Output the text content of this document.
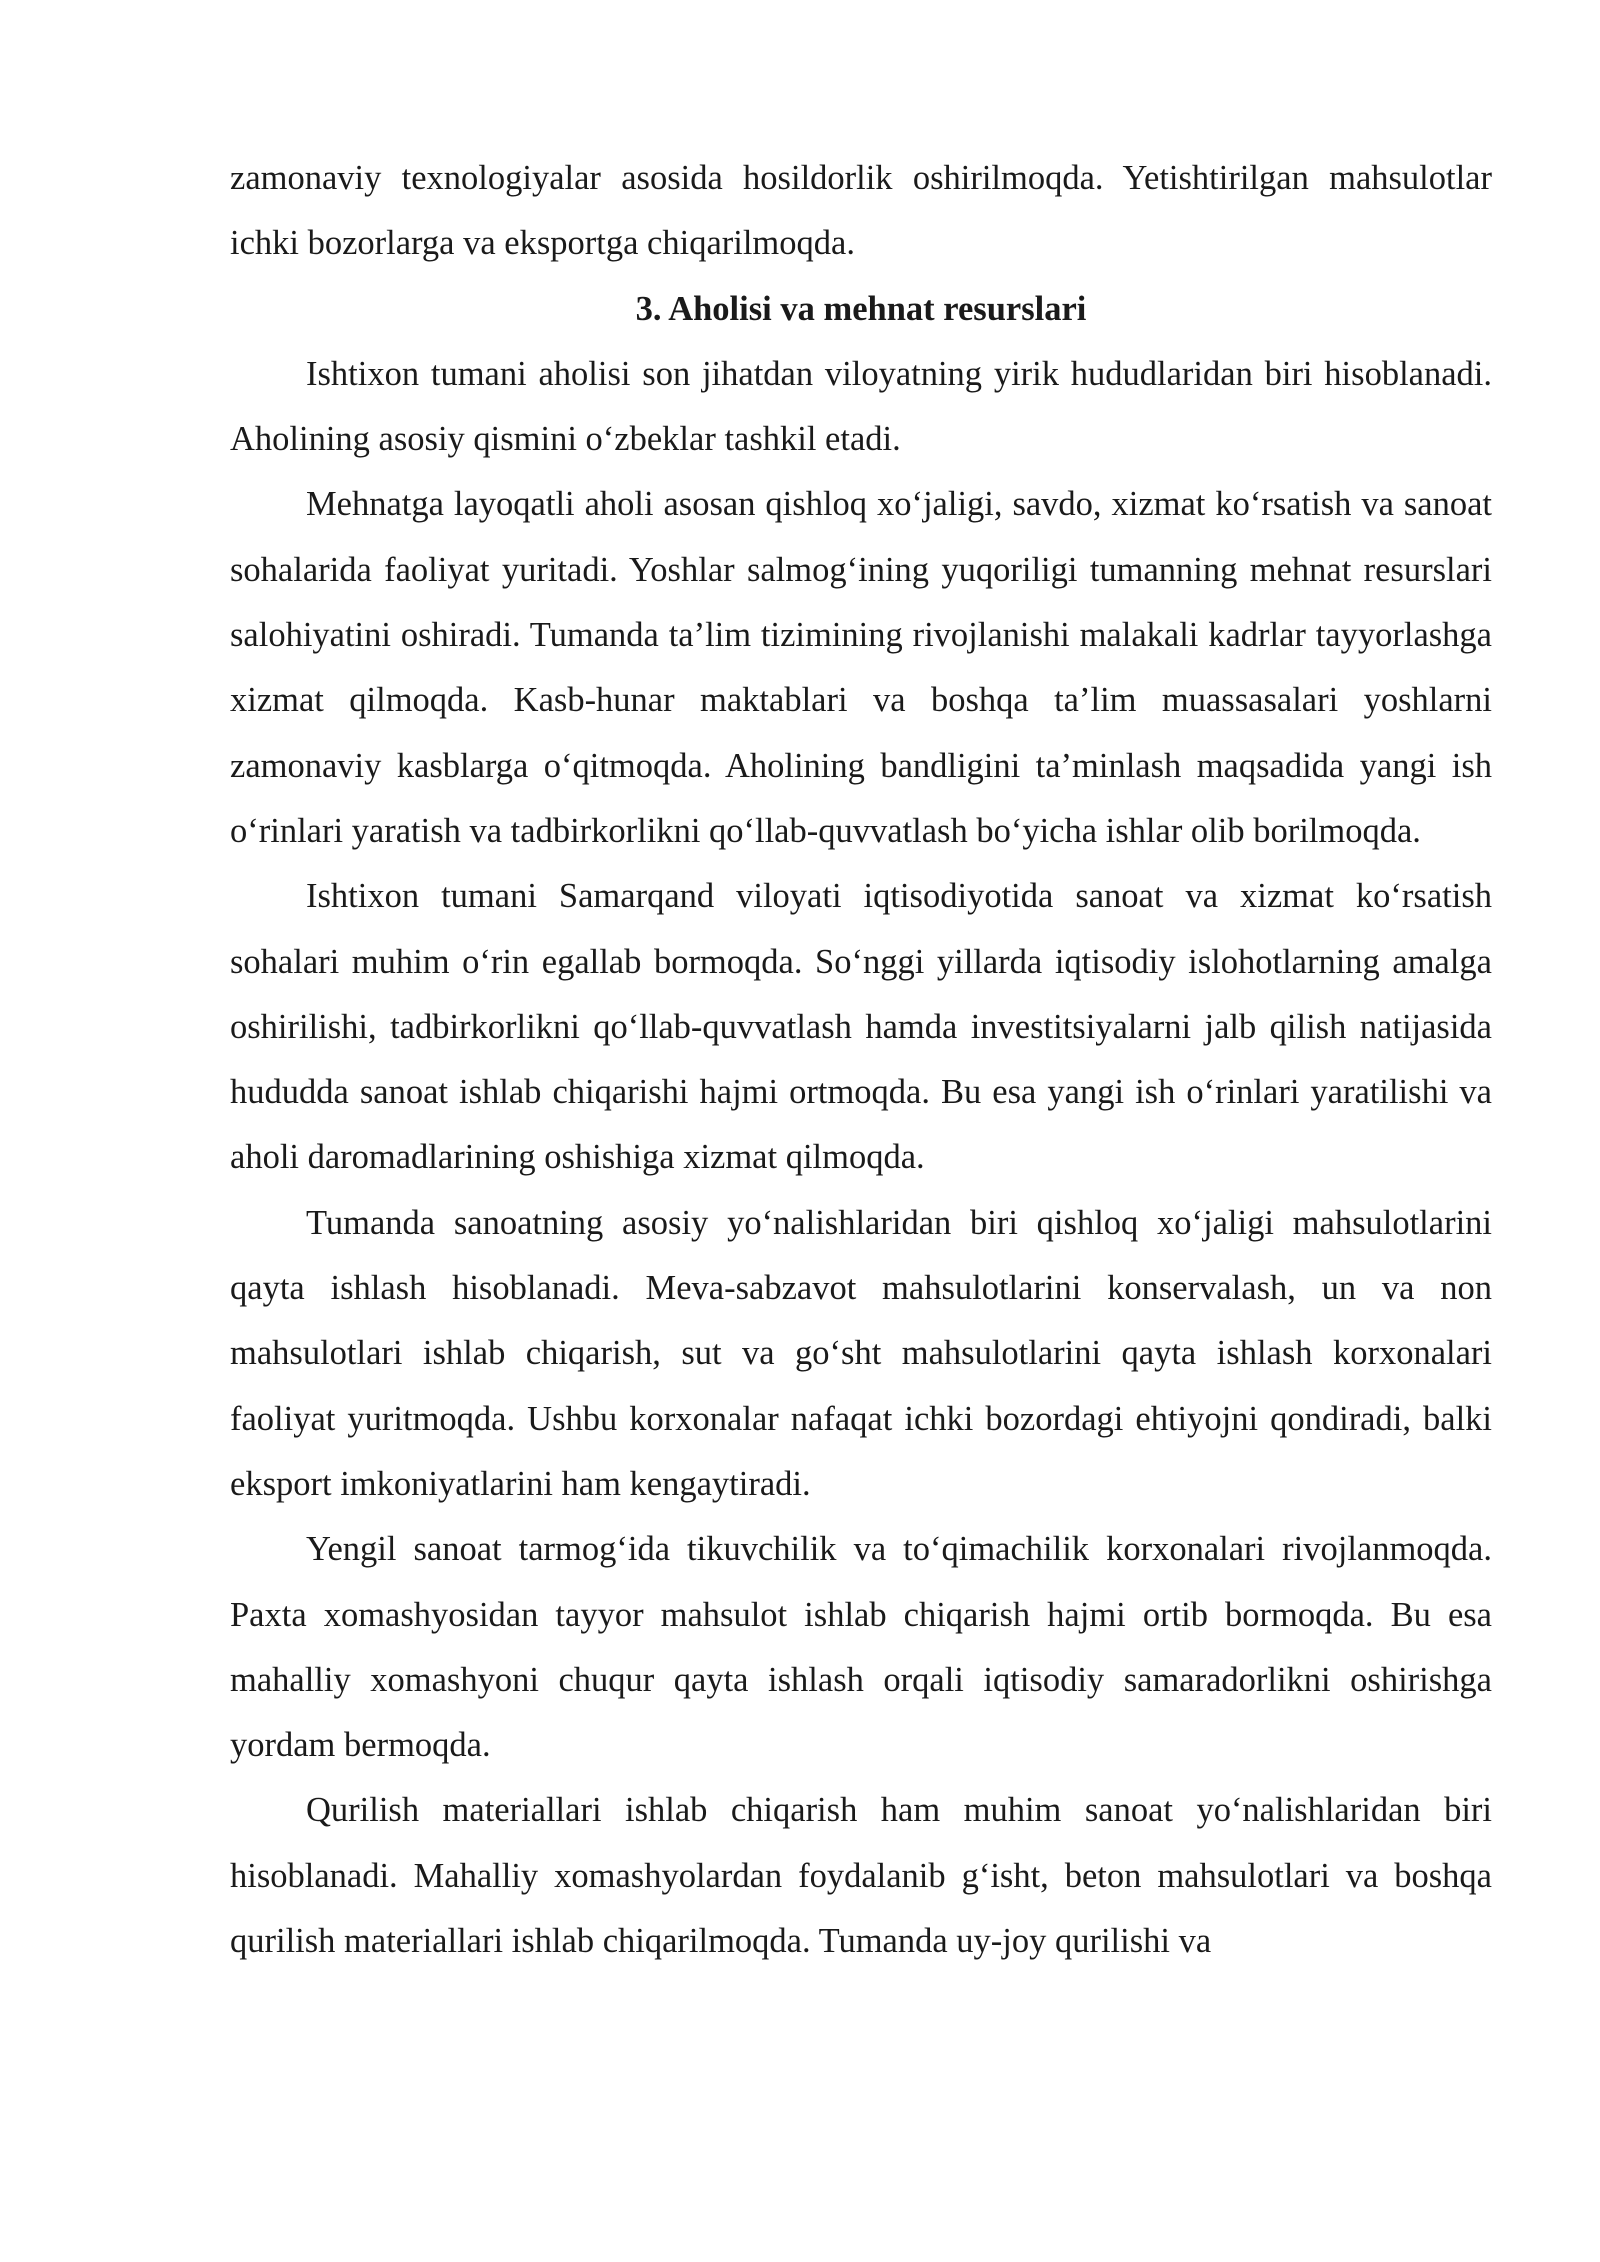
zamonaviy texnologiyalar asosida hosildorlik oshirilmoqda. Yetishtirilgan mahsulotlar ichki bozorlarga va eksportga chiqarilmoqda.

3. Aholisi va mehnat resurslari

Ishtixon tumani aholisi son jihatdan viloyatning yirik hududlaridan biri hisoblanadi. Aholining asosiy qismini o‘zbeklar tashkil etadi.

Mehnatga layoqatli aholi asosan qishloq xo‘jaligi, savdo, xizmat ko‘rsatish va sanoat sohalarida faoliyat yuritadi. Yoshlar salmog‘ining yuqoriligi tumanning mehnat resurslari salohiyatini oshiradi. Tumanda ta’lim tizimining rivojlanishi malakali kadrlar tayyorlashga xizmat qilmoqda. Kasb-hunar maktablari va boshqa ta’lim muassasalari yoshlarni zamonaviy kasblarga o‘qitmoqda. Aholining bandligini ta’minlash maqsadida yangi ish o‘rinlari yaratish va tadbirkorlikni qo‘llab-quvvatlash bo‘yicha ishlar olib borilmoqda.

Ishtixon tumani Samarqand viloyati iqtisodiyotida sanoat va xizmat ko‘rsatish sohalari muhim o‘rin egallab bormoqda. So‘nggi yillarda iqtisodiy islohotlarning amalga oshirilishi, tadbirkorlikni qo‘llab-quvvatlash hamda investitsiyalarni jalb qilish natijasida hududda sanoat ishlab chiqarishi hajmi ortmoqda. Bu esa yangi ish o‘rinlari yaratilishi va aholi daromadlarining oshishiga xizmat qilmoqda.

Tumanda sanoatning asosiy yo‘nalishlaridan biri qishloq xo‘jaligi mahsulotlarini qayta ishlash hisoblanadi. Meva-sabzavot mahsulotlarini konservalash, un va non mahsulotlari ishlab chiqarish, sut va go‘sht mahsulotlarini qayta ishlash korxonalari faoliyat yuritmoqda. Ushbu korxonalar nafaqat ichki bozordagi ehtiyojni qondiradi, balki eksport imkoniyatlarini ham kengaytiradi.

Yengil sanoat tarmog‘ida tikuvchilik va to‘qimachilik korxonalari rivojlanmoqda. Paxta xomashyosidan tayyor mahsulot ishlab chiqarish hajmi ortib bormoqda. Bu esa mahalliy xomashyoni chuqur qayta ishlash orqali iqtisodiy samaradorlikni oshirishga yordam bermoqda.

Qurilish materiallari ishlab chiqarish ham muhim sanoat yo‘nalishlaridan biri hisoblanadi. Mahalliy xomashyolardan foydalanib g‘isht, beton mahsulotlari va boshqa qurilish materiallari ishlab chiqarilmoqda. Tumanda uy-joy qurilishi va
